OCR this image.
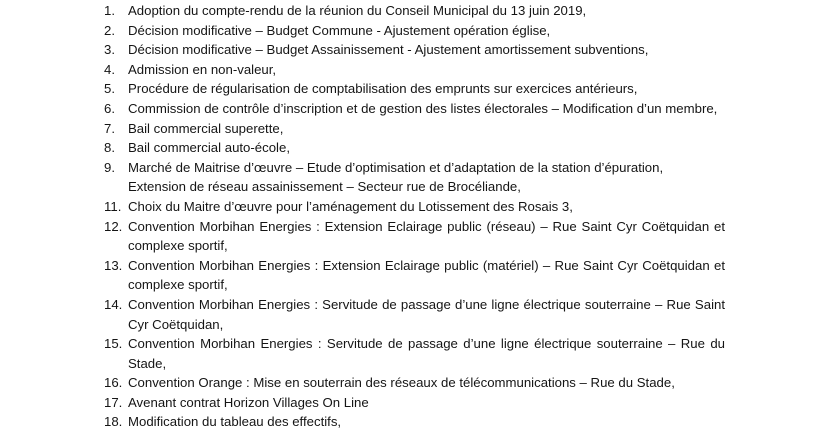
1. Adoption du compte-rendu de la réunion du Conseil Municipal du 13 juin 2019,
2. Décision modificative – Budget Commune - Ajustement opération église,
3. Décision modificative – Budget Assainissement - Ajustement amortissement subventions,
4. Admission en non-valeur,
5. Procédure de régularisation de comptabilisation des emprunts sur exercices antérieurs,
6. Commission de contrôle d’inscription et de gestion des listes électorales – Modification d’un membre,
7. Bail commercial superette,
8. Bail commercial auto-école,
9. Marché de Maitrise d’œuvre – Etude d’optimisation et d’adaptation de la station d’épuration,
Extension de réseau assainissement – Secteur rue de Brocéliande,
11. Choix du Maitre d’œuvre pour l’aménagement du Lotissement des Rosais 3,
12. Convention Morbihan Energies : Extension Eclairage public (réseau) – Rue Saint Cyr Coëtquidan et complexe sportif,
13. Convention Morbihan Energies : Extension Eclairage public (matériel) – Rue Saint Cyr Coëtquidan et complexe sportif,
14. Convention Morbihan Energies : Servitude de passage d’une ligne électrique souterraine – Rue Saint Cyr Coëtquidan,
15. Convention Morbihan Energies : Servitude de passage d’une ligne électrique souterraine – Rue du Stade,
16. Convention Orange : Mise en souterrain des réseaux de télécommunications – Rue du Stade,
17. Avenant contrat Horizon Villages On Line
18. Modification du tableau des effectifs,
